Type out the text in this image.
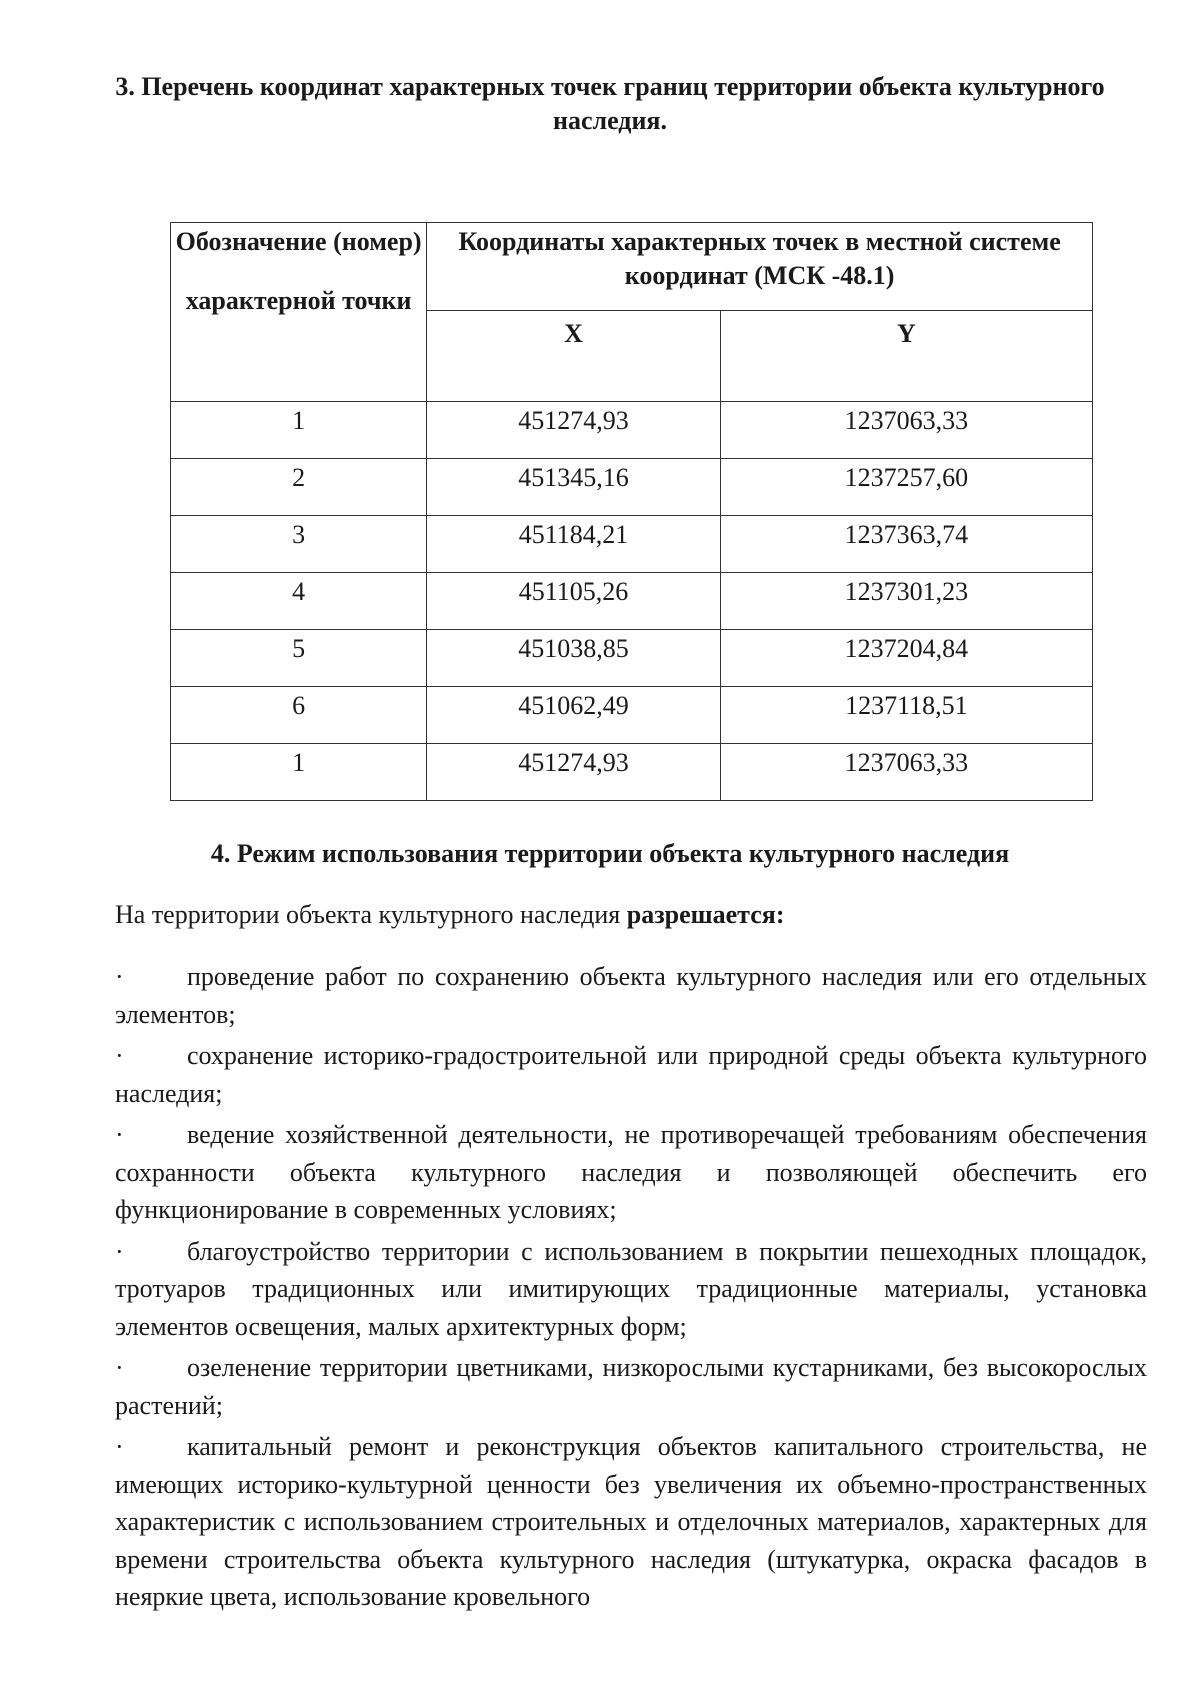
3. Перечень координат характерных точек границ территории объекта культурного наследия.
Обозначение (номер)
характерной точки	Координаты характерных точек в местной системе координат (МСК -48.1)	
	X	Y
1	451274,93	1237063,33
2	451345,16	1237257,60
3	451184,21	1237363,74
4	451105,26	1237301,23
5	451038,85	1237204,84
6	451062,49	1237118,51
1	451274,93	1237063,33
4. Режим использования территории объекта культурного наследия
На территории объекта культурного наследия разрешается:
· проведение работ по сохранению объекта культурного наследия или его отдельных элементов;
· сохранение историко-градостроительной или природной среды объекта культурного наследия;
· ведение хозяйственной деятельности, не противоречащей требованиям обеспечения сохранности объекта культурного наследия и позволяющей обеспечить его функционирование в современных условиях;
· благоустройство территории с использованием в покрытии пешеходных площадок, тротуаров традиционных или имитирующих традиционные материалы, установка элементов освещения, малых архитектурных форм;
· озеленение территории цветниками, низкорослыми кустарниками, без высокорослых растений;
· капитальный ремонт и реконструкция объектов капитального строительства, не имеющих историко-культурной ценности без увеличения их объемно-пространственных характеристик с использованием строительных и отделочных материалов, характерных для времени строительства объекта культурного наследия (штукатурка, окраска фасадов в неяркие цвета, использование кровельного
